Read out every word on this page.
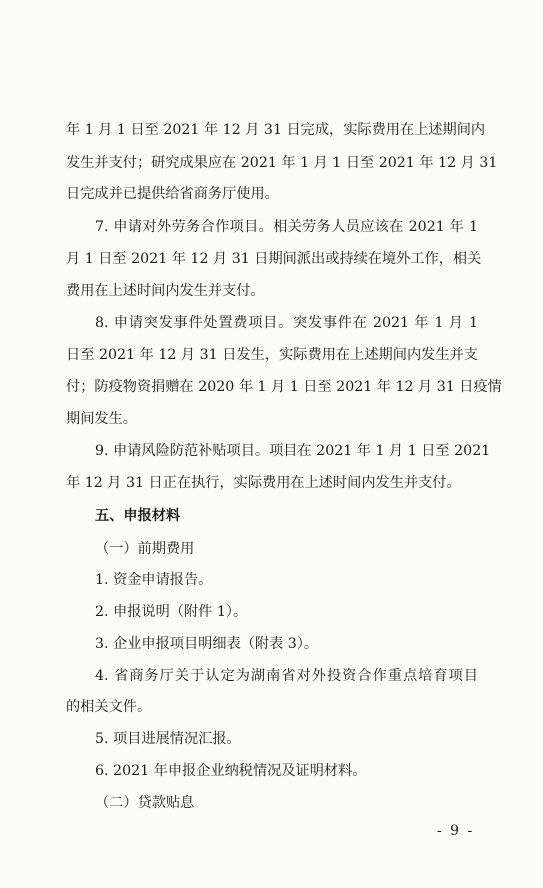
年 1 月 1 日至 2021 年 12 月 31 日完成，实际费用在上述期间内
发生并支付；研究成果应在 2021 年 1 月 1 日至 2021 年 12 月 31
日完成并已提供给省商务厅使用。
7. 申请对外劳务合作项目。相关劳务人员应该在 2021 年 1
月 1 日至 2021 年 12 月 31 日期间派出或持续在境外工作，相关
费用在上述时间内发生并支付。
8. 申请突发事件处置费项目。突发事件在 2021 年 1 月 1
日至 2021 年 12 月 31 日发生，实际费用在上述期间内发生并支
付；防疫物资捐赠在 2020 年 1 月 1 日至 2021 年 12 月 31 日疫情
期间发生。
9. 申请风险防范补贴项目。项目在 2021 年 1 月 1 日至 2021
年 12 月 31 日正在执行，实际费用在上述时间内发生并支付。
五、申报材料
（一）前期费用
1. 资金申请报告。
2. 申报说明（附件 1）。
3. 企业申报项目明细表（附表 3）。
4. 省商务厅关于认定为湖南省对外投资合作重点培育项目
的相关文件。
5. 项目进展情况汇报。
6. 2021 年申报企业纳税情况及证明材料。
（二）贷款贴息
- 9 -
